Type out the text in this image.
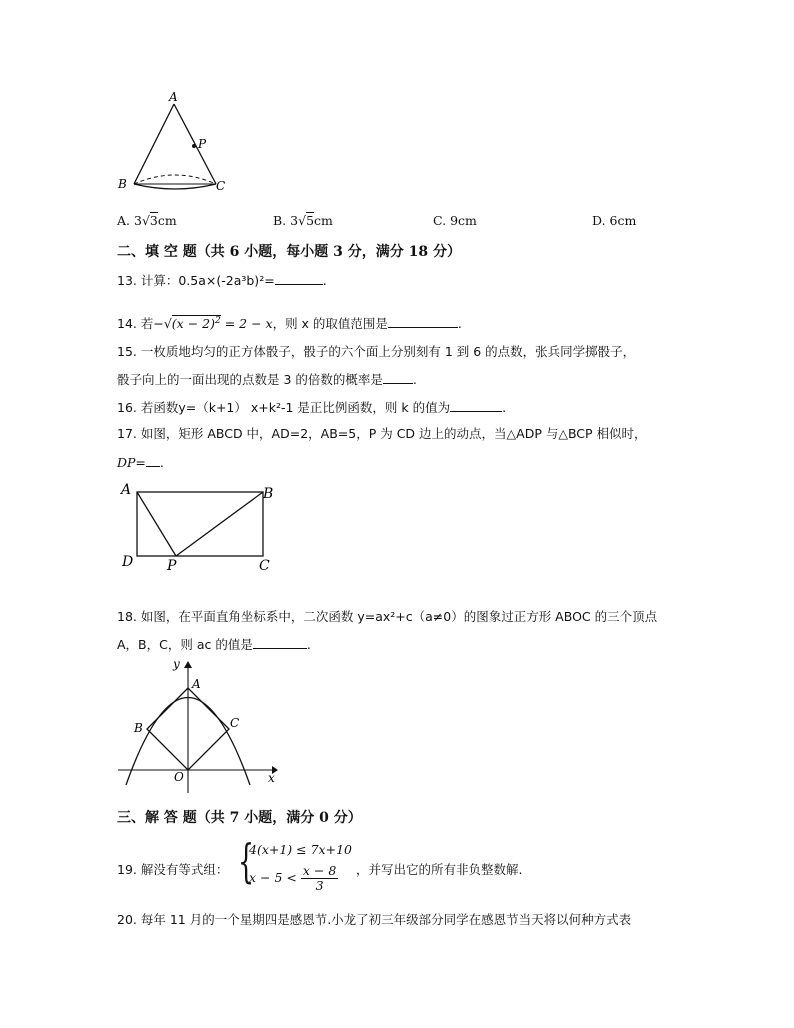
A
P
B	C
A. 3√3cm	B. 3√5cm	C. 9cm	D. 6cm
二、填 空 题（共 6 小题，每小题 3 分，满分 18 分）
13. 计算：0.5a×(-2a³b)²=	.
14. 若$-√(x - 2)^2 = 2 - x$，则 x 的取值范围是	.
15. 一枚质地均匀的正方体骰子，骰子的六个面上分别刻有 1 到 6 的点数，张兵同学掷骰子，
骰子向上的一面出现的点数是 3 的倍数的概率是 .
16. 若函数y=（k+1） x+k²-1 是正比例函数，则 k 的值为	.
17. 如图，矩形 ABCD 中，AD=2，AB=5，P 为 CD 边上的动点，当△ADP 与△BCP 相似时，
DP= .
A	B
D P	C
18. 如图，在平面直角坐标系中，二次函数 y=ax²+c（a≠0）的图象过正方形 ABOC 的三个顶点
A，B，C，则 ac 的值是	.
y
A
B	C
O	x
三、解 答 题（共 7 小题，满分 0 分）
19. 解没有等式组： {
4(x+1) ≤ 7x+10
$x - 5 < \frac{x - 8}{3}$ ，并写出它的所有非负整数解.
20. 每年 11 月的一个星期四是感恩节.小龙了初三年级部分同学在感恩节当天将以何种方式表
